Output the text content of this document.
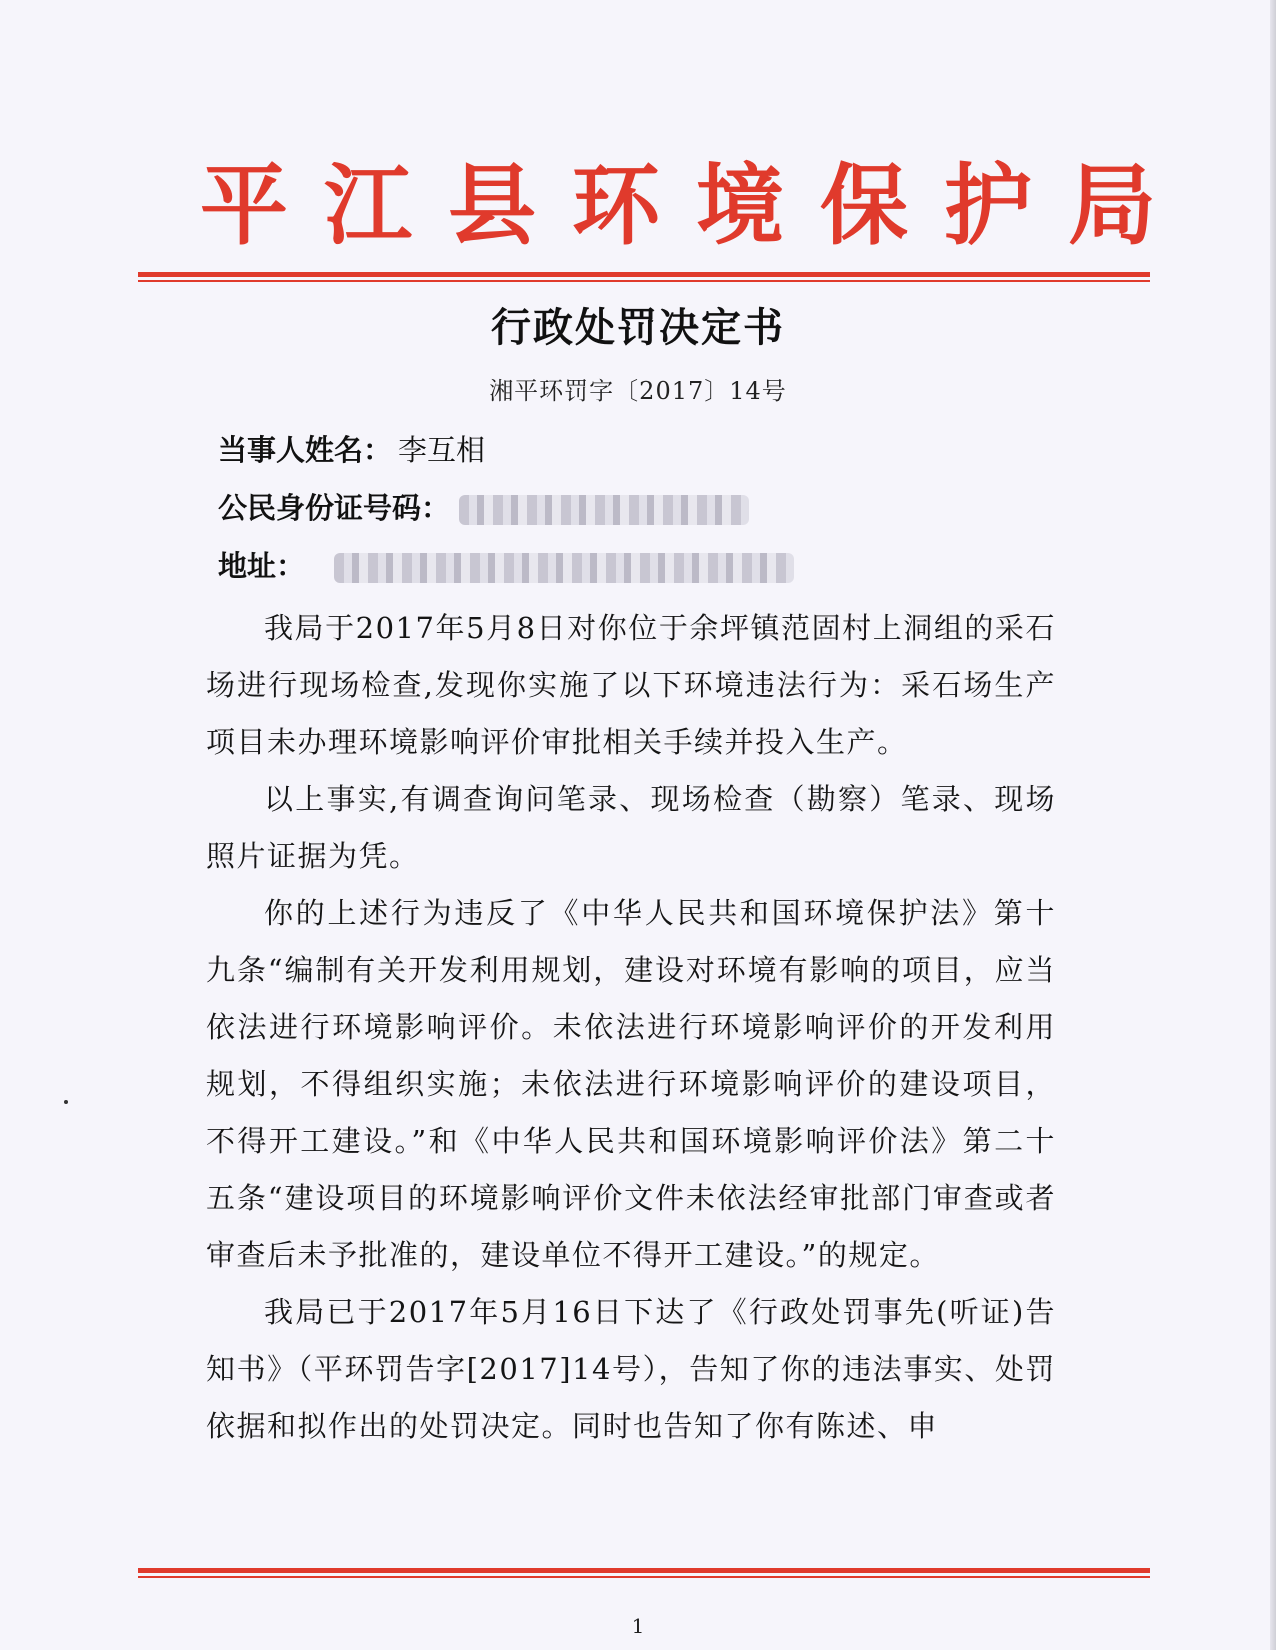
平江县环境保护局
行政处罚决定书
湘平环罚字〔2017〕14号
当事人姓名： 李互相
公民身份证号码：
地址：

我局于2017年5月8日对你位于余坪镇范固村上洞组的采石场进行现场检查,发现你实施了以下环境违法行为：采石场生产项目未办理环境影响评价审批相关手续并投入生产。

以上事实,有调查询问笔录、现场检查（勘察）笔录、现场照片证据为凭。

你的上述行为违反了《中华人民共和国环境保护法》第十九条“编制有关开发利用规划，建设对环境有影响的项目，应当依法进行环境影响评价。未依法进行环境影响评价的开发利用规划，不得组织实施；未依法进行环境影响评价的建设项目，不得开工建设。”和《中华人民共和国环境影响评价法》第二十五条“建设项目的环境影响评价文件未依法经审批部门审查或者审查后未予批准的，建设单位不得开工建设。”的规定。

我局已于2017年5月16日下达了《行政处罚事先(听证)告知书》（平环罚告字[2017]14号），告知了你的违法事实、处罚依据和拟作出的处罚决定。同时也告知了你有陈述、申

1
